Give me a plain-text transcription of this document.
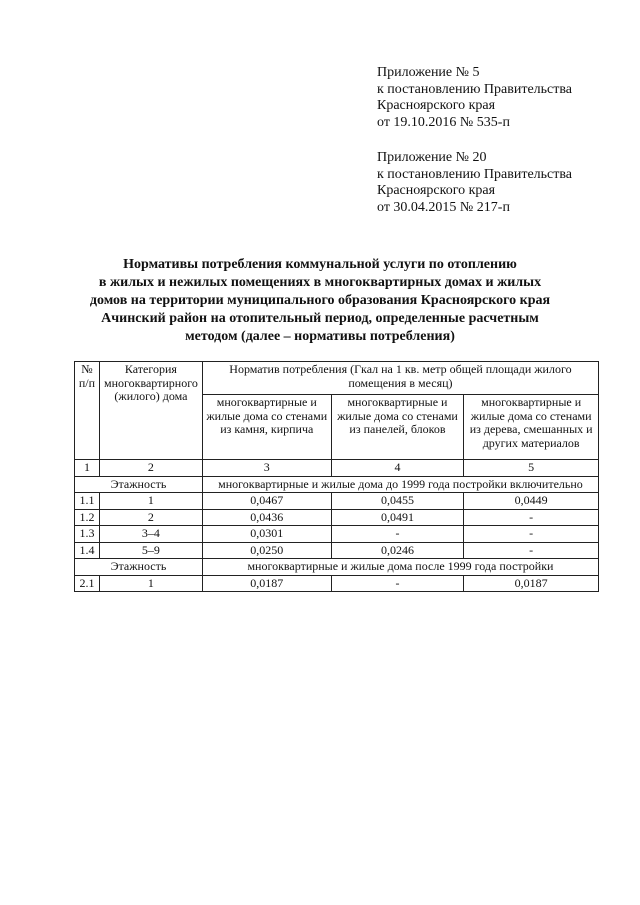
Приложение № 5
к постановлению Правительства
Красноярского края
от 19.10.2016 № 535-п
Приложение № 20
к постановлению Правительства
Красноярского края
от 30.04.2015 № 217-п
Нормативы потребления коммунальной услуги по отоплению
в жилых и нежилых помещениях в многоквартирных домах и жилых
домов на территории муниципального образования Красноярского края
Ачинский район на отопительный период, определенные расчетным
методом (далее – нормативы потребления)
№ п/п	Категория многоквартирного (жилого) дома	Норматив потребления (Гкал на 1 кв. метр общей площади жилого помещения в месяц)		
		многоквартирные и жилые дома со стенами из камня, кирпича	многоквартирные и жилые дома со стенами из панелей, блоков	многоквартирные и жилые дома со стенами из дерева, смешанных и других материалов
1	2	3	4	5
Этажность		многоквартирные и жилые дома до 1999 года постройки включительно		
1.1	1	0,0467	0,0455	0,0449
1.2	2	0,0436	0,0491	-
1.3	3–4	0,0301	-	-
1.4	5–9	0,0250	0,0246	-
Этажность		многоквартирные и жилые дома после 1999 года постройки		
2.1	1	0,0187	-	0,0187
